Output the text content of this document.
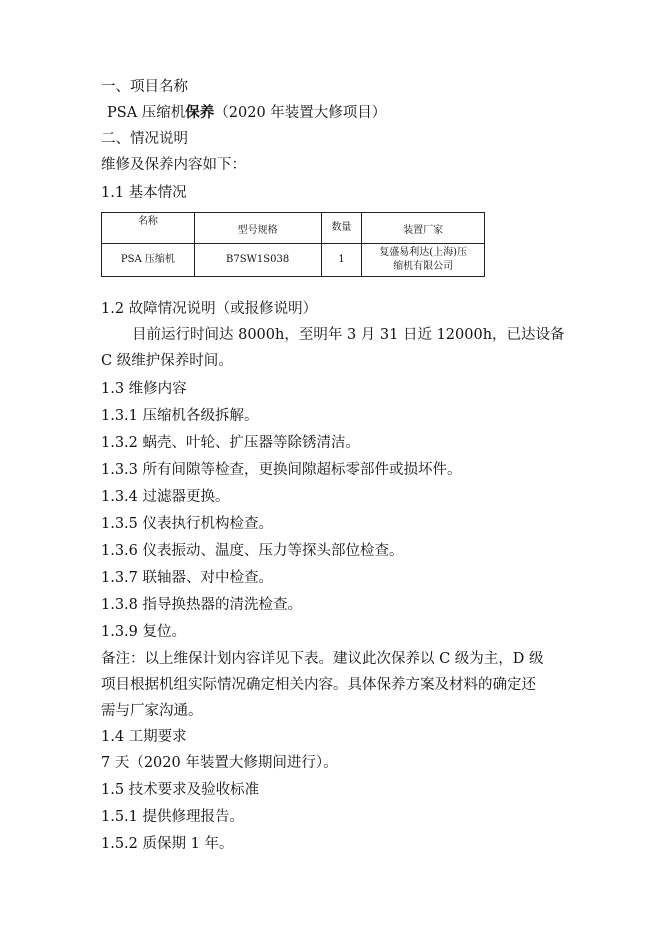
一、项目名称
PSA 压缩机保养（2020 年装置大修项目）
二、情况说明
维修及保养内容如下：
1.1 基本情况
名称	型号规格	数量	装置厂家
PSA 压缩机	B7SW1S038	1	复盛易利达(上海)压
缩机有限公司
1.2 故障情况说明（或报修说明）
目前运行时间达 8000h，至明年 3 月 31 日近 12000h，已达设备
C 级维护保养时间。
1.3 维修内容
1.3.1 压缩机各级拆解。
1.3.2 蜗壳、叶轮、扩压器等除锈清洁。
1.3.3 所有间隙等检查，更换间隙超标零部件或损坏件。
1.3.4 过滤器更换。
1.3.5 仪表执行机构检查。
1.3.6 仪表振动、温度、压力等探头部位检查。
1.3.7 联轴器、对中检查。
1.3.8 指导换热器的清洗检查。
1.3.9 复位。
备注：以上维保计划内容详见下表。建议此次保养以 C 级为主，D 级
项目根据机组实际情况确定相关内容。具体保养方案及材料的确定还
需与厂家沟通。
1.4 工期要求
7 天（2020 年装置大修期间进行）。
1.5 技术要求及验收标准
1.5.1 提供修理报告。
1.5.2 质保期 1 年。
